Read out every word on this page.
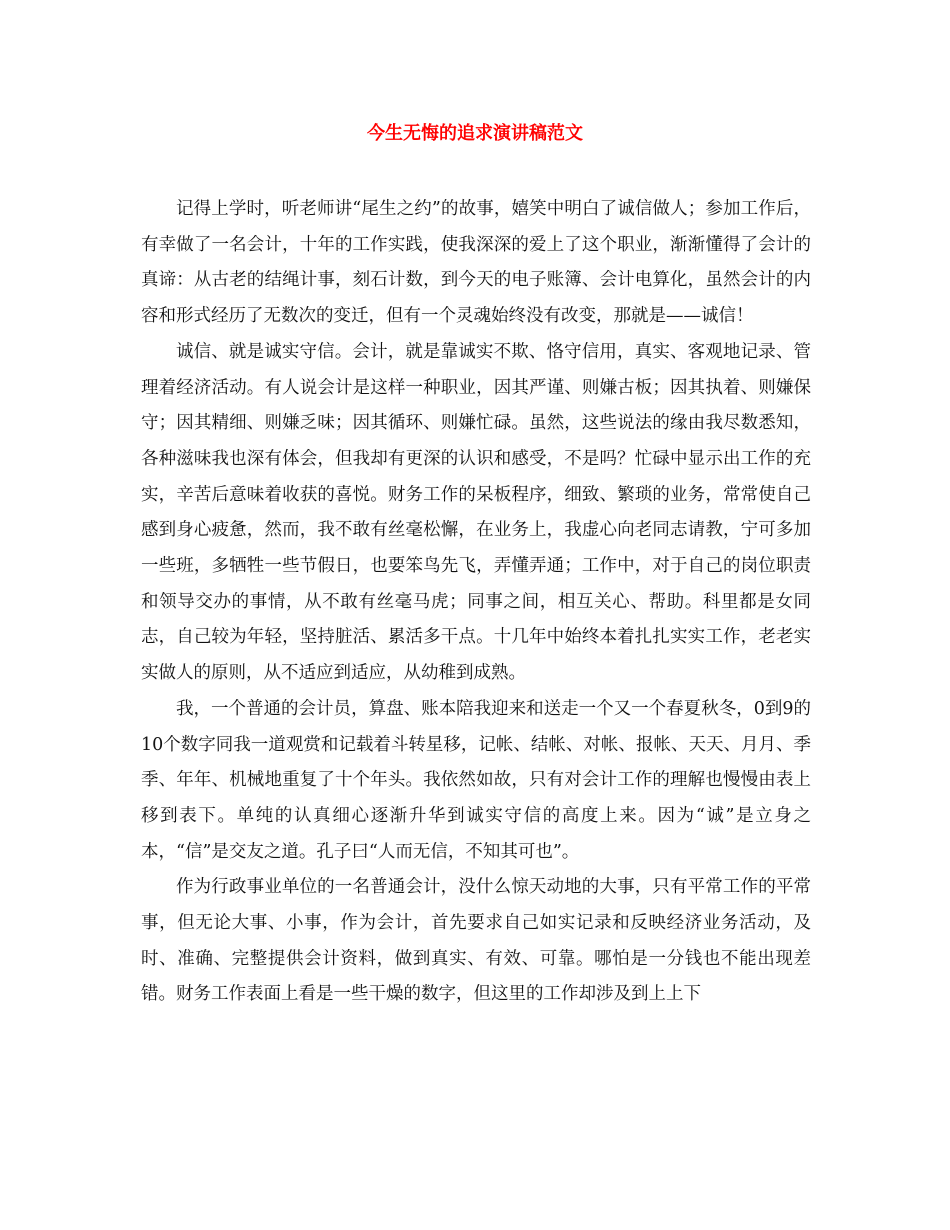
今生无悔的追求演讲稿范文

记得上学时，听老师讲“尾生之约”的故事，嬉笑中明白了诚信做人；参加工作后，有幸做了一名会计，十年的工作实践，使我深深的爱上了这个职业，渐渐懂得了会计的真谛：从古老的结绳计事，刻石计数，到今天的电子账簿、会计电算化，虽然会计的内容和形式经历了无数次的变迁，但有一个灵魂始终没有改变，那就是——诚信！

诚信、就是诚实守信。会计，就是靠诚实不欺、恪守信用，真实、客观地记录、管理着经济活动。有人说会计是这样一种职业，因其严谨、则嫌古板；因其执着、则嫌保守；因其精细、则嫌乏味；因其循环、则嫌忙碌。虽然，这些说法的缘由我尽数悉知，各种滋味我也深有体会，但我却有更深的认识和感受，不是吗？忙碌中显示出工作的充实，辛苦后意味着收获的喜悦。财务工作的呆板程序，细致、繁琐的业务，常常使自己感到身心疲惫，然而，我不敢有丝毫松懈，在业务上，我虚心向老同志请教，宁可多加一些班，多牺牲一些节假日，也要笨鸟先飞，弄懂弄通；工作中，对于自己的岗位职责和领导交办的事情，从不敢有丝毫马虎；同事之间，相互关心、帮助。科里都是女同志，自己较为年轻，坚持脏活、累活多干点。十几年中始终本着扎扎实实工作，老老实实做人的原则，从不适应到适应，从幼稚到成熟。

我，一个普通的会计员，算盘、账本陪我迎来和送走一个又一个春夏秋冬，0到9的10个数字同我一道观赏和记载着斗转星移，记帐、结帐、对帐、报帐、天天、月月、季季、年年、机械地重复了十个年头。我依然如故，只有对会计工作的理解也慢慢由表上移到表下。单纯的认真细心逐渐升华到诚实守信的高度上来。因为“诚”是立身之本，“信”是交友之道。孔子曰“人而无信，不知其可也”。

作为行政事业单位的一名普通会计，没什么惊天动地的大事，只有平常工作的平常事，但无论大事、小事，作为会计，首先要求自己如实记录和反映经济业务活动，及时、准确、完整提供会计资料，做到真实、有效、可靠。哪怕是一分钱也不能出现差错。财务工作表面上看是一些干燥的数字，但这里的工作却涉及到上上下
